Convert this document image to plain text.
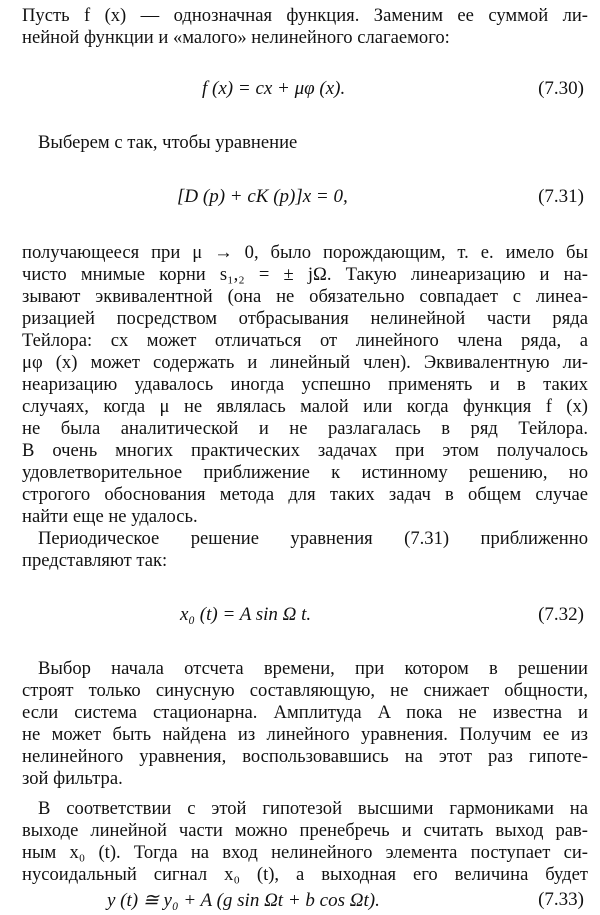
Пусть f (x) — однозначная функция. Заменим ее суммой ли-
нейной функции и «малого» нелинейного слагаемого:
f (x) = cx + μφ (x).	(7.30)
Выберем c так, чтобы уравнение
[D (p) + cK (p)]x = 0,	(7.31)
получающееся при μ → 0, было порождающим, т. е. имело бы
чисто мнимые корни s₁,₂ = ± jΩ. Такую линеаризацию и на-
зывают эквивалентной (она не обязательно совпадает с линеа-
ризацией посредством отбрасывания нелинейной части ряда
Тейлора: cx может отличаться от линейного члена ряда, а
μφ (x) может содержать и линейный член). Эквивалентную ли-
неаризацию удавалось иногда успешно применять и в таких
случаях, когда μ не являлась малой или когда функция f (x)
не была аналитической и не разлагалась в ряд Тейлора.
В очень многих практических задачах при этом получалось
удовлетворительное приближение к истинному решению, но
строгого обоснования метода для таких задач в общем случае
найти еще не удалось.
Периодическое решение уравнения (7.31) приближенно
представляют так:
x₀ (t) = A sin Ω t.	(7.32)
Выбор начала отсчета времени, при котором в решении
строят только синусную составляющую, не снижает общности,
если система стационарна. Амплитуда A пока не известна и
не может быть найдена из линейного уравнения. Получим ее из
нелинейного уравнения, воспользовавшись на этот раз гипоте-
зой фильтра.
В соответствии с этой гипотезой высшими гармониками на
выходе линейной части можно пренебречь и считать выход рав-
ным x₀ (t). Тогда на вход нелинейного элемента поступает си-
нусоидальный сигнал x₀ (t), а выходная его величина будет
y (t) ≅ y₀ + A (g sin Ωt + b cos Ωt).	(7.33)
